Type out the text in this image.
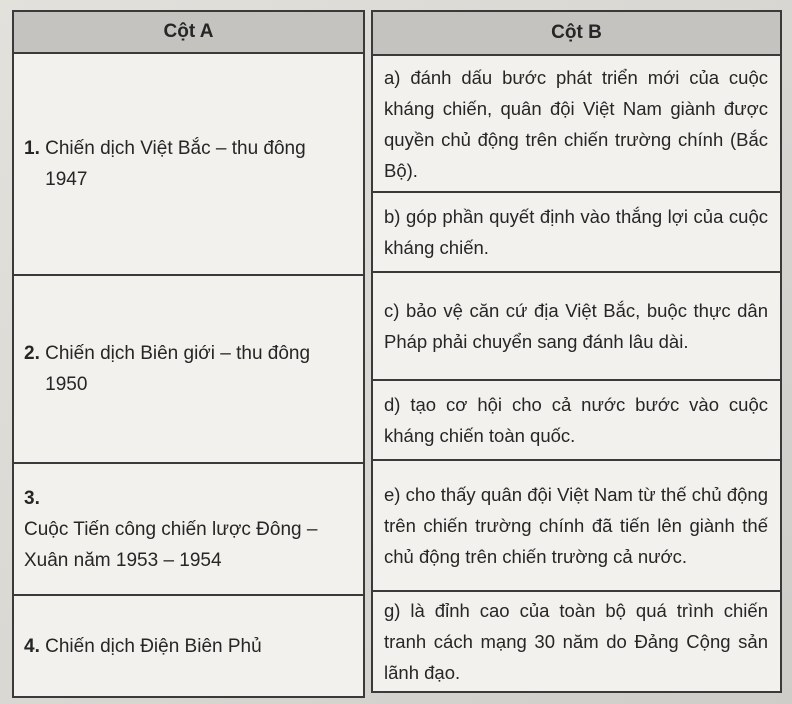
Cột A
1. Chiến dịch Việt Bắc – thu đông 1947
2. Chiến dịch Biên giới – thu đông 1950
3. Cuộc Tiến công chiến lược Đông – Xuân năm 1953 – 1954
4. Chiến dịch Điện Biên Phủ
Cột B
a) đánh dấu bước phát triển mới của cuộc kháng chiến, quân đội Việt Nam giành được quyền chủ động trên chiến trường chính (Bắc Bộ).
b) góp phần quyết định vào thắng lợi của cuộc kháng chiến.
c) bảo vệ căn cứ địa Việt Bắc, buộc thực dân Pháp phải chuyển sang đánh lâu dài.
d) tạo cơ hội cho cả nước bước vào cuộc kháng chiến toàn quốc.
e) cho thấy quân đội Việt Nam từ thế chủ động trên chiến trường chính đã tiến lên giành thế chủ động trên chiến trường cả nước.
g) là đỉnh cao của toàn bộ quá trình chiến tranh cách mạng 30 năm do Đảng Cộng sản lãnh đạo.
